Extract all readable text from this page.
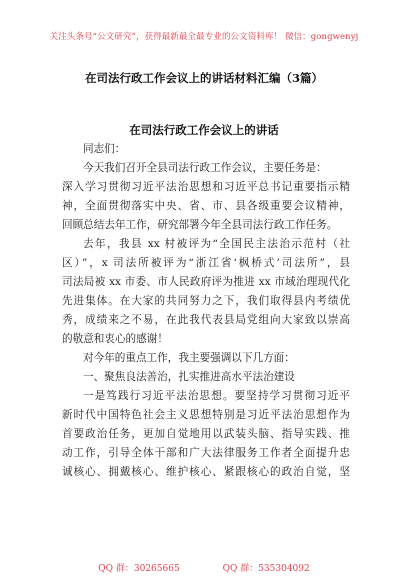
关注头条号“公文研究”，获得最新最全最专业的公文资料库！ 微信：gongwenyj
在司法行政工作会议上的讲话材料汇编（3篇）
在司法行政工作会议上的讲话
同志们：
今天我们召开全县司法行政工作会议，主要任务是：
深入学习贯彻习近平法治思想和习近平总书记重要指示精
神，全面贯彻落实中央、省、市、县各级重要会议精神，
回顾总结去年工作，研究部署今年全县司法行政工作任务。
去年，我县 xx 村被评为“全国民主法治示范村（社
区）”，x 司法所被评为“浙江省‘枫桥式’司法所”，县
司法局被 xx 市委、市人民政府评为推进 xx 市域治理现代化
先进集体。在大家的共同努力之下，我们取得县内考绩优
秀，成绩来之不易，在此我代表县局党组向大家致以崇高
的敬意和衷心的感谢！
对今年的重点工作，我主要强调以下几方面：
一、聚焦良法善治，扎实推进高水平法治建设
一是笃践行习近平法治思想。要坚持学习贯彻习近平
新时代中国特色社会主义思想特别是习近平法治思想作为
首要政治任务，更加自觉地用以武装头脑、指导实践、推
动工作，引导全体干部和广大法律服务工作者全面提升忠
诚核心、拥戴核心、维护核心、紧跟核心的政治自觉，坚
QQ 群：30265665	QQ 群：535304092
